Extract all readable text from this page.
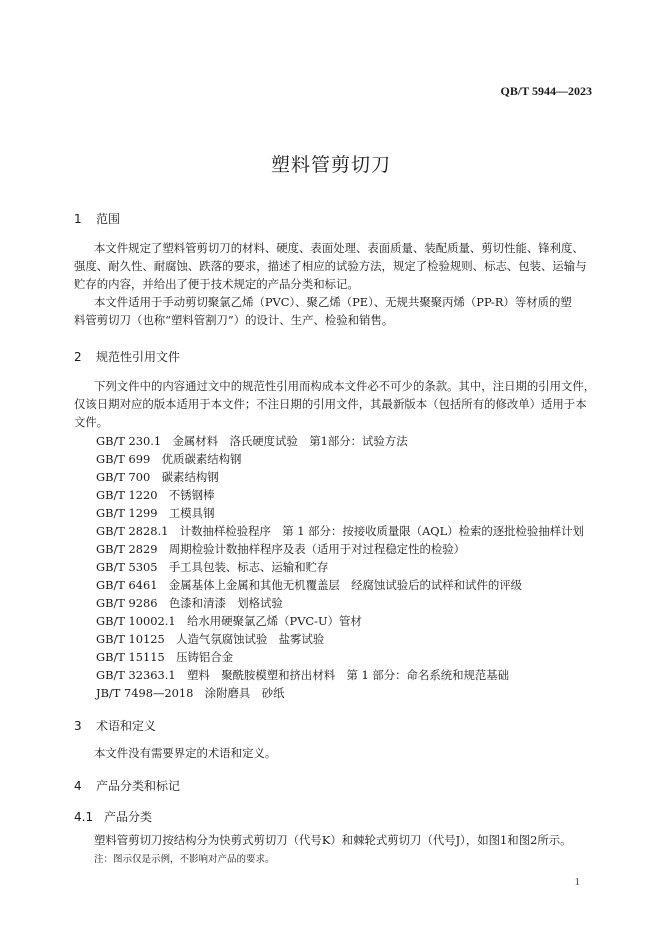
QB/T 5944—2023
塑料管剪切刀
1 范围
本文件规定了塑料管剪切刀的材料、硬度、表面处理、表面质量、装配质量、剪切性能、锋利度、
强度、耐久性、耐腐蚀、跌落的要求，描述了相应的试验方法，规定了检验规则、标志、包装、运输与
贮存的内容，并给出了便于技术规定的产品分类和标记。
本文件适用于手动剪切聚氯乙烯（PVC）、聚乙烯（PE）、无规共聚聚丙烯（PP-R）等材质的塑
料管剪切刀（也称“塑料管割刀”）的设计、生产、检验和销售。
2 规范性引用文件
下列文件中的内容通过文中的规范性引用而构成本文件必不可少的条款。其中，注日期的引用文件，
仅该日期对应的版本适用于本文件；不注日期的引用文件，其最新版本（包括所有的修改单）适用于本
文件。
GB/T 230.1　金属材料　洛氏硬度试验　第1部分：试验方法
GB/T 699　优质碳素结构钢
GB/T 700　碳素结构钢
GB/T 1220　不锈钢棒
GB/T 1299　工模具钢
GB/T 2828.1　计数抽样检验程序　第 1 部分：按接收质量限（AQL）检索的逐批检验抽样计划
GB/T 2829　周期检验计数抽样程序及表（适用于对过程稳定性的检验）
GB/T 5305　手工具包装、标志、运输和贮存
GB/T 6461　金属基体上金属和其他无机覆盖层　经腐蚀试验后的试样和试件的评级
GB/T 9286　色漆和清漆　划格试验
GB/T 10002.1　给水用硬聚氯乙烯（PVC-U）管材
GB/T 10125　人造气氛腐蚀试验　盐雾试验
GB/T 15115　压铸铝合金
GB/T 32363.1　塑料　聚酰胺模塑和挤出材料　第 1 部分：命名系统和规范基础
JB/T 7498—2018　涂附磨具　砂纸
3 术语和定义
本文件没有需要界定的术语和定义。
4 产品分类和标记
4.1 产品分类
塑料管剪切刀按结构分为快剪式剪切刀（代号K）和棘轮式剪切刀（代号J），如图1和图2所示。
注：图示仅是示例，不影响对产品的要求。
1
